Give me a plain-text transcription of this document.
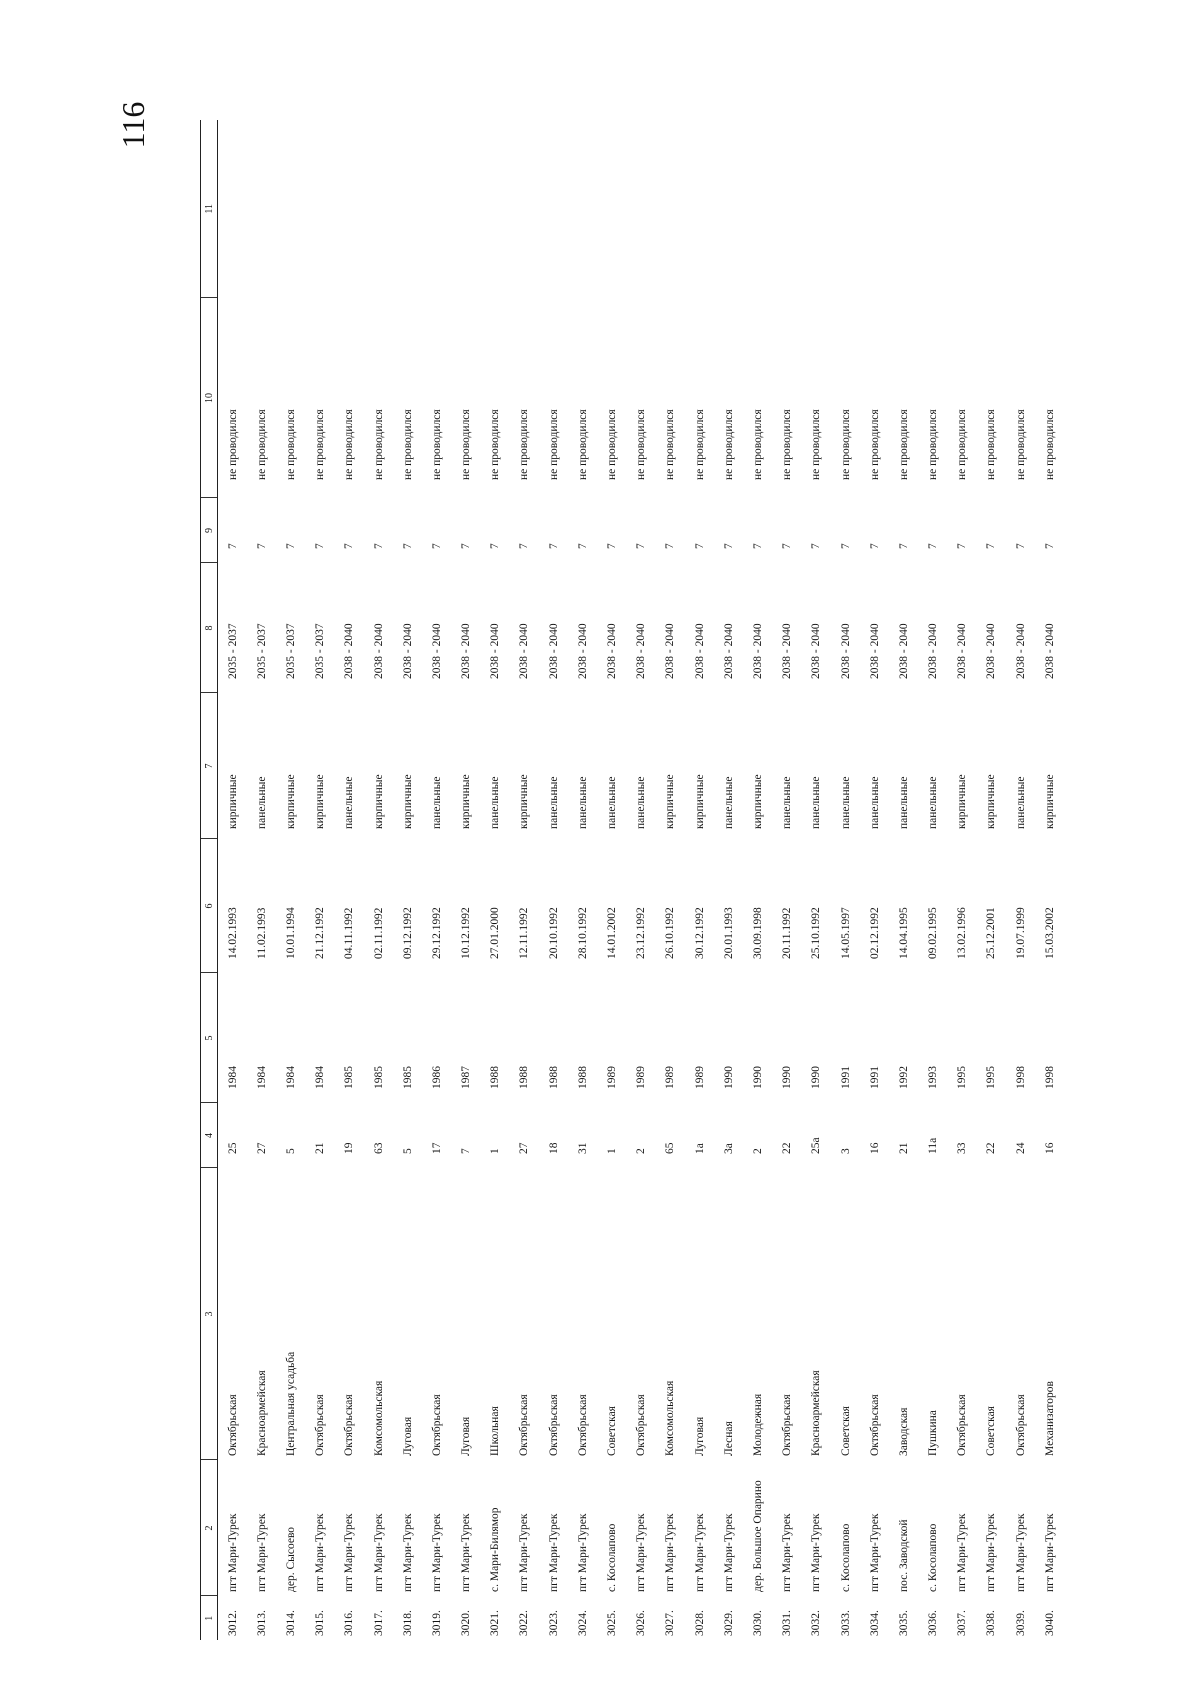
116
1	2	3	4	5	6	7	8	9	10	11
3012.	пгт Мари-Турек	Октябрьская	25	1984	14.02.1993	кирпичные	2035 - 2037	7	не проводился	
3013.	пгт Мари-Турек	Красноармейская	27	1984	11.02.1993	панельные	2035 - 2037	7	не проводился	
3014.	дер. Сысоево	Центральная усадьба	5	1984	10.01.1994	кирпичные	2035 - 2037	7	не проводился	
3015.	пгт Мари-Турек	Октябрьская	21	1984	21.12.1992	кирпичные	2035 - 2037	7	не проводился	
3016.	пгт Мари-Турек	Октябрьская	19	1985	04.11.1992	панельные	2038 - 2040	7	не проводился	
3017.	пгт Мари-Турек	Комсомольская	63	1985	02.11.1992	кирпичные	2038 - 2040	7	не проводился	
3018.	пгт Мари-Турек	Луговая	5	1985	09.12.1992	кирпичные	2038 - 2040	7	не проводился	
3019.	пгт Мари-Турек	Октябрьская	17	1986	29.12.1992	панельные	2038 - 2040	7	не проводился	
3020.	пгт Мари-Турек	Луговая	7	1987	10.12.1992	кирпичные	2038 - 2040	7	не проводился	
3021.	с. Мари-Билямор	Школьная	1	1988	27.01.2000	панельные	2038 - 2040	7	не проводился	
3022.	пгт Мари-Турек	Октябрьская	27	1988	12.11.1992	кирпичные	2038 - 2040	7	не проводился	
3023.	пгт Мари-Турек	Октябрьская	18	1988	20.10.1992	панельные	2038 - 2040	7	не проводился	
3024.	пгт Мари-Турек	Октябрьская	31	1988	28.10.1992	панельные	2038 - 2040	7	не проводился	
3025.	с. Косолапово	Советская	1	1989	14.01.2002	панельные	2038 - 2040	7	не проводился	
3026.	пгт Мари-Турек	Октябрьская	2	1989	23.12.1992	панельные	2038 - 2040	7	не проводился	
3027.	пгт Мари-Турек	Комсомольская	65	1989	26.10.1992	кирпичные	2038 - 2040	7	не проводился	
3028.	пгт Мари-Турек	Луговая	1а	1989	30.12.1992	кирпичные	2038 - 2040	7	не проводился	
3029.	пгт Мари-Турек	Лесная	3а	1990	20.01.1993	панельные	2038 - 2040	7	не проводился	
3030.	дер. Большое Опарино	Молодежная	2	1990	30.09.1998	кирпичные	2038 - 2040	7	не проводился	
3031.	пгт Мари-Турек	Октябрьская	22	1990	20.11.1992	панельные	2038 - 2040	7	не проводился	
3032.	пгт Мари-Турек	Красноармейская	25а	1990	25.10.1992	панельные	2038 - 2040	7	не проводился	
3033.	с. Косолапово	Советская	3	1991	14.05.1997	панельные	2038 - 2040	7	не проводился	
3034.	пгт Мари-Турек	Октябрьская	16	1991	02.12.1992	панельные	2038 - 2040	7	не проводился	
3035.	пос. Заводской	Заводская	21	1992	14.04.1995	панельные	2038 - 2040	7	не проводился	
3036.	с. Косолапово	Пушкина	11а	1993	09.02.1995	панельные	2038 - 2040	7	не проводился	
3037.	пгт Мари-Турек	Октябрьская	33	1995	13.02.1996	кирпичные	2038 - 2040	7	не проводился	
3038.	пгт Мари-Турек	Советская	22	1995	25.12.2001	кирпичные	2038 - 2040	7	не проводился	
3039.	пгт Мари-Турек	Октябрьская	24	1998	19.07.1999	панельные	2038 - 2040	7	не проводился	
3040.	пгт Мари-Турек	Механизаторов	16	1998	15.03.2002	кирпичные	2038 - 2040	7	не проводился	
